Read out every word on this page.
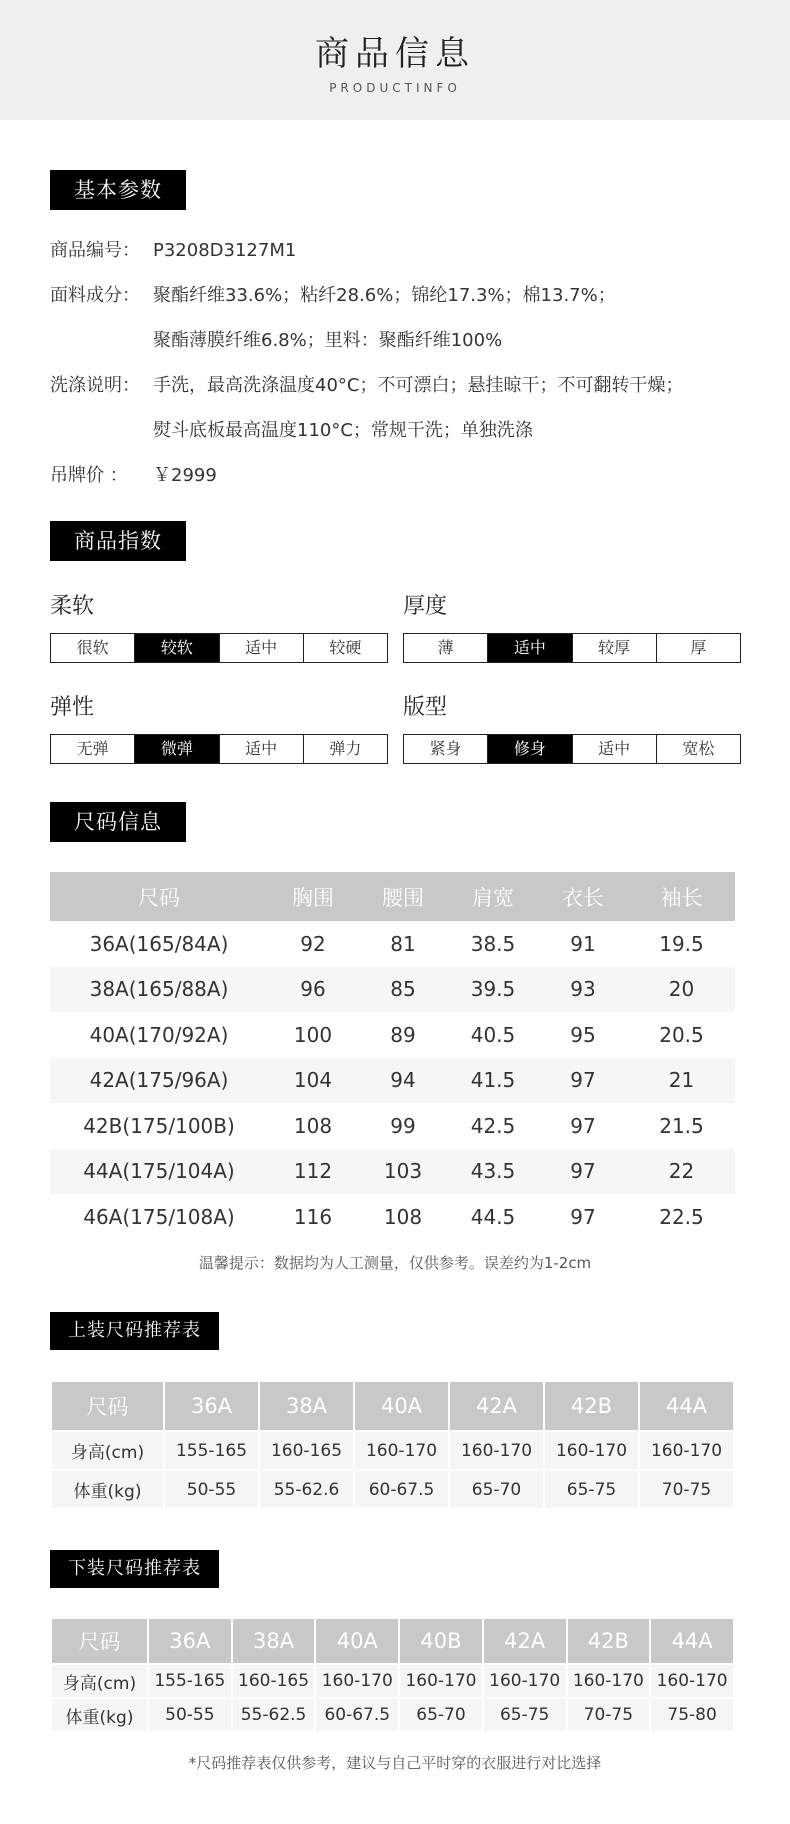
商品信息
PRODUCTINFO
基本参数
商品编号： P3208D3127M1
面料成分： 聚酯纤维33.6%；粘纤28.6%；锦纶17.3%；棉13.7%；
聚酯薄膜纤维6.8%；里料：聚酯纤维100%
洗涤说明： 手洗，最高洗涤温度40°C；不可漂白；悬挂晾干；不可翻转干燥；
熨斗底板最高温度110°C；常规干洗；单独洗涤
吊牌价 ： ￥2999
商品指数
柔软
很软	较软	适中	较硬
厚度
薄	适中	较厚	厚
弹性
无弹	微弹	适中	弹力
版型
紧身	修身	适中	宽松
尺码信息
尺码	胸围	腰围	肩宽	衣长	袖长
36A(165/84A)	92	81	38.5	91	19.5
38A(165/88A)	96	85	39.5	93	20
40A(170/92A)	100	89	40.5	95	20.5
42A(175/96A)	104	94	41.5	97	21
42B(175/100B)	108	99	42.5	97	21.5
44A(175/104A)	112	103	43.5	97	22
46A(175/108A)	116	108	44.5	97	22.5
温馨提示：数据均为人工测量，仅供参考。误差约为1-2cm
上装尺码推荐表
尺码	36A	38A	40A	42A	42B	44A
身高(cm)	155-165	160-165	160-170	160-170	160-170	160-170
体重(kg)	50-55	55-62.6	60-67.5	65-70	65-75	70-75
下装尺码推荐表
尺码	36A	38A	40A	40B	42A	42B	44A
身高(cm)	155-165	160-165	160-170	160-170	160-170	160-170	160-170
体重(kg)	50-55	55-62.5	60-67.5	65-70	65-75	70-75	75-80
*尺码推荐表仅供参考，建议与自己平时穿的衣服进行对比选择
